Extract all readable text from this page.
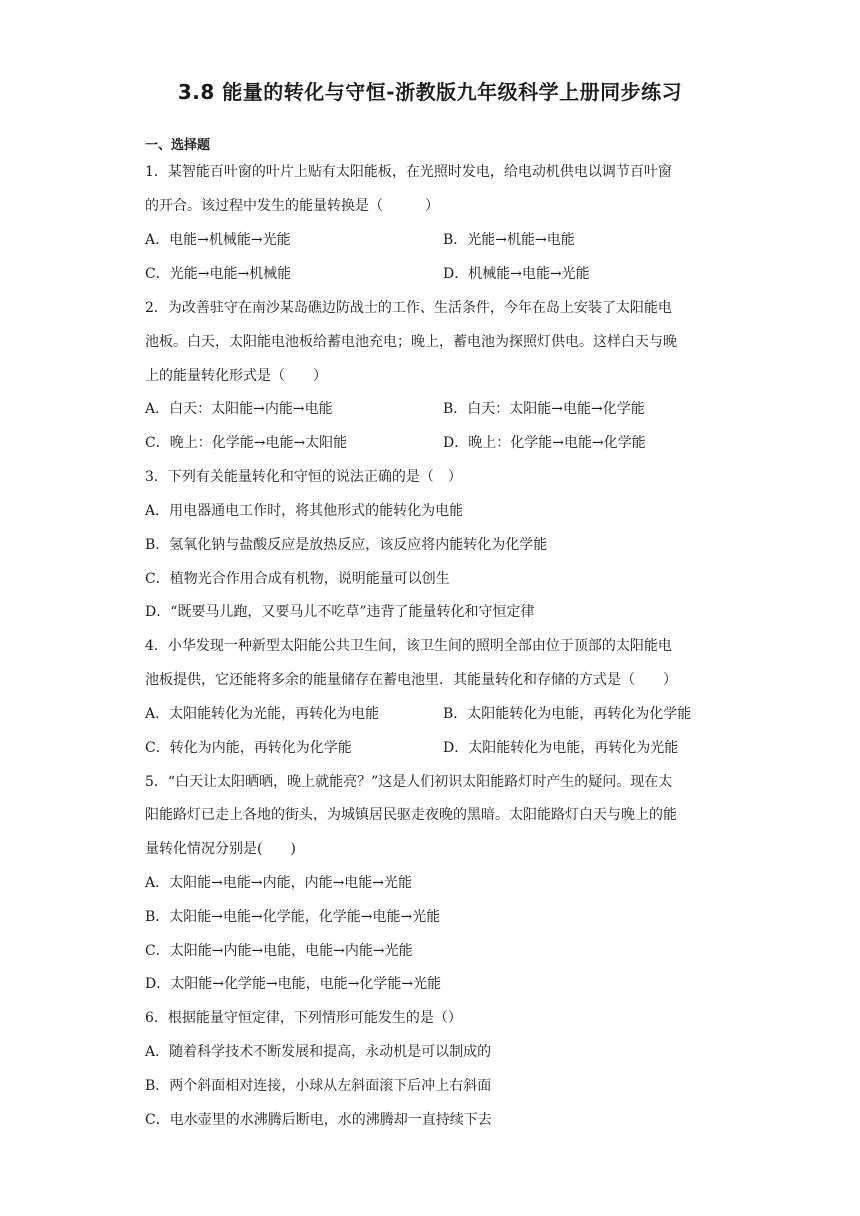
3.8 能量的转化与守恒-浙教版九年级科学上册同步练习
一、选择题
1．某智能百叶窗的叶片上贴有太阳能板，在光照时发电，给电动机供电以调节百叶窗
的开合。该过程中发生的能量转换是（　　　）
A．电能→机械能→光能	B．光能→机能→电能
C．光能→电能→机械能	D．机械能→电能→光能
2．为改善驻守在南沙某岛礁边防战士的工作、生活条件，今年在岛上安装了太阳能电
池板。白天，太阳能电池板给蓄电池充电；晚上，蓄电池为探照灯供电。这样白天与晚
上的能量转化形式是（　　）
A．白天：太阳能→内能→电能	B．白天：太阳能→电能→化学能
C．晚上：化学能→电能→太阳能	D．晚上：化学能→电能→化学能
3．下列有关能量转化和守恒的说法正确的是（　）
A．用电器通电工作时，将其他形式的能转化为电能
B．氢氧化钠与盐酸反应是放热反应，该反应将内能转化为化学能
C．植物光合作用合成有机物，说明能量可以创生
D．“既要马儿跑，又要马儿不吃草”违背了能量转化和守恒定律
4．小华发现一种新型太阳能公共卫生间，该卫生间的照明全部由位于顶部的太阳能电
池板提供，它还能将多余的能量储存在蓄电池里．其能量转化和存储的方式是（　　）
A．太阳能转化为光能，再转化为电能	B．太阳能转化为电能，再转化为化学能
C．转化为内能，再转化为化学能	D．太阳能转化为电能，再转化为光能
5．“白天让太阳晒晒，晚上就能亮？”这是人们初识太阳能路灯时产生的疑问。现在太
阳能路灯已走上各地的街头，为城镇居民驱走夜晚的黑暗。太阳能路灯白天与晚上的能
量转化情况分别是(　　)
A．太阳能→电能→内能，内能→电能→光能
B．太阳能→电能→化学能，化学能→电能→光能
C．太阳能→内能→电能，电能→内能→光能
D．太阳能→化学能→电能，电能→化学能→光能
6．根据能量守恒定律，下列情形可能发生的是（）
A．随着科学技术不断发展和提高，永动机是可以制成的
B．两个斜面相对连接，小球从左斜面滚下后冲上右斜面
C．电水壶里的水沸腾后断电，水的沸腾却一直持续下去
